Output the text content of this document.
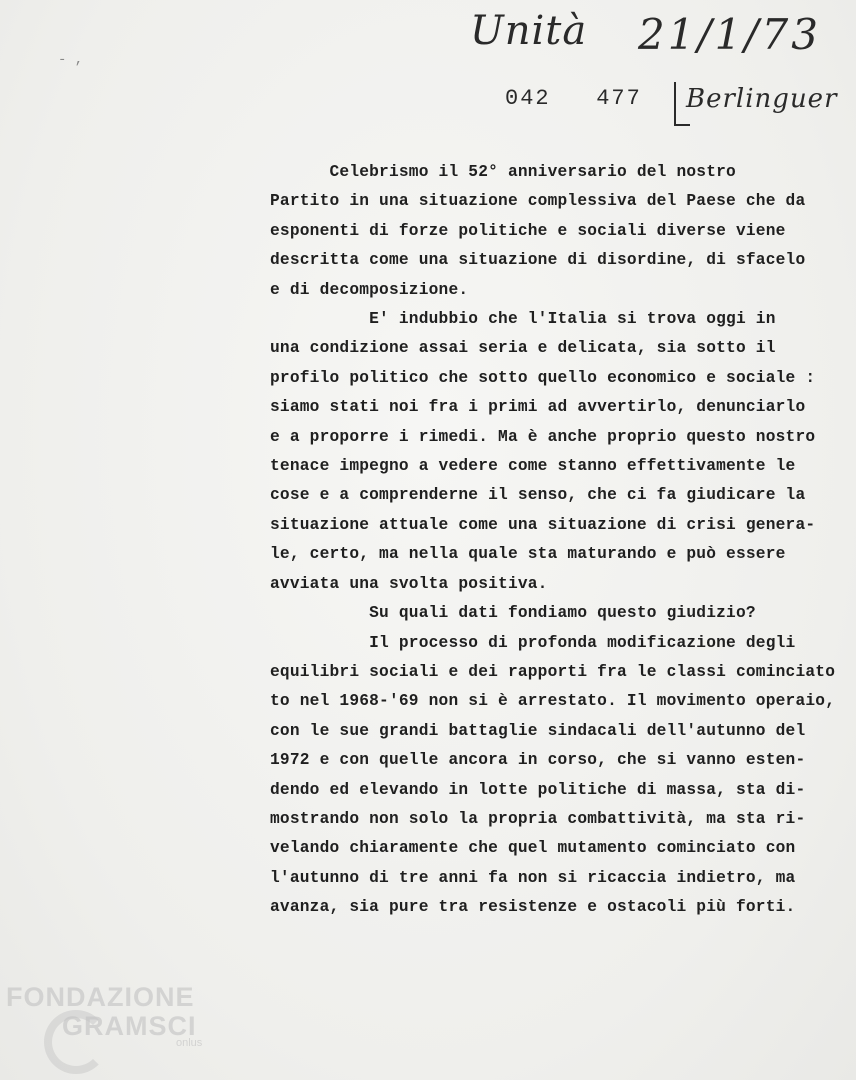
- ,
Unità 21/1/73
042   477 Berlinguer
Celebrismo il 52° anniversario del nostro
Partito in una situazione complessiva del Paese che da
esponenti di forze politiche e sociali diverse viene
descritta come una situazione di disordine, di sfacelo
e di decomposizione.
E' indubbio che l'Italia si trova oggi in
una condizione assai seria e delicata, sia sotto il
profilo politico che sotto quello economico e sociale :
siamo stati noi fra i primi ad avvertirlo, denunciarlo
e a proporre i rimedi. Ma è anche proprio questo nostro
tenace impegno a vedere come stanno effettivamente le
cose e a comprenderne il senso, che ci fa giudicare la
situazione attuale come una situazione di crisi genera-
le, certo, ma nella quale sta maturando e può essere
avviata una svolta positiva.
Su quali dati fondiamo questo giudizio?
Il processo di profonda modificazione degli
equilibri sociali e dei rapporti fra le classi cominciato
to nel 1968-'69 non si è arrestato. Il movimento operaio,
con le sue grandi battaglie sindacali dell'autunno del
1972 e con quelle ancora in corso, che si vanno esten-
dendo ed elevando in lotte politiche di massa, sta di-
mostrando non solo la propria combattività, ma sta ri-
velando chiaramente che quel mutamento cominciato con
l'autunno di tre anni fa non si ricaccia indietro, ma
avanza, sia pure tra resistenze e ostacoli più forti.
FONDAZIONE
GRAMSCI
onlus
